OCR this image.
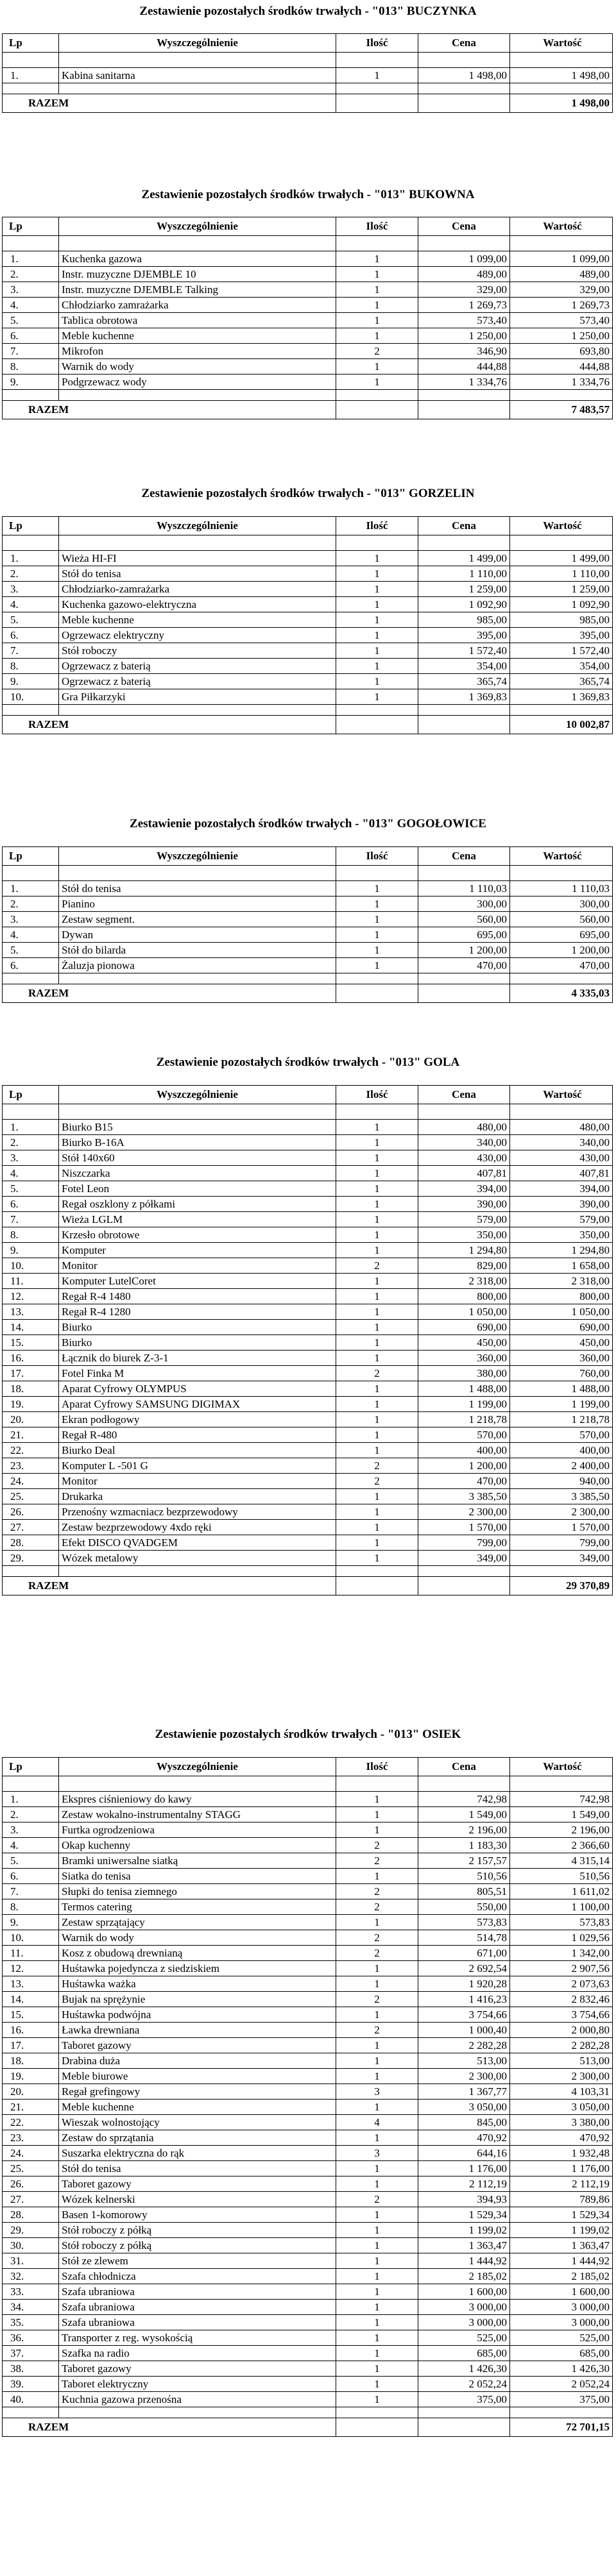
Zestawienie pozostałych środków trwałych - "013" BUCZYNKA
Lp	Wyszczególnienie	Ilość	Cena	Wartość

1.	Kabina sanitarna	1	1 498,00	1 498,00

RAZEM				1 498,00
Zestawienie pozostałych środków trwałych - "013" BUKOWNA
Lp	Wyszczególnienie	Ilość	Cena	Wartość

1.	Kuchenka gazowa	1	1 099,00	1 099,00
2.	Instr. muzyczne DJEMBLE 10	1	489,00	489,00
3.	Instr. muzyczne DJEMBLE Talking	1	329,00	329,00
4.	Chłodziarko zamrażarka	1	1 269,73	1 269,73
5.	Tablica obrotowa	1	573,40	573,40
6.	Meble kuchenne	1	1 250,00	1 250,00
7.	Mikrofon	2	346,90	693,80
8.	Warnik do wody	1	444,88	444,88
9.	Podgrzewacz wody	1	1 334,76	1 334,76

RAZEM				7 483,57
Zestawienie pozostałych środków trwałych - "013" GORZELIN
Lp	Wyszczególnienie	Ilość	Cena	Wartość

1.	Wieża HI-FI	1	1 499,00	1 499,00
2.	Stół do tenisa	1	1 110,00	1 110,00
3.	Chłodziarko-zamrażarka	1	1 259,00	1 259,00
4.	Kuchenka gazowo-elektryczna	1	1 092,90	1 092,90
5.	Meble kuchenne	1	985,00	985,00
6.	Ogrzewacz elektryczny	1	395,00	395,00
7.	Stół roboczy	1	1 572,40	1 572,40
8.	Ogrzewacz z baterią	1	354,00	354,00
9.	Ogrzewacz z baterią	1	365,74	365,74
10.	Gra Piłkarzyki	1	1 369,83	1 369,83

RAZEM				10 002,87
Zestawienie pozostałych środków trwałych - "013" GOGOŁOWICE
Lp	Wyszczególnienie	Ilość	Cena	Wartość

1.	Stół do tenisa	1	1 110,03	1 110,03
2.	Pianino	1	300,00	300,00
3.	Zestaw segment.	1	560,00	560,00
4.	Dywan	1	695,00	695,00
5.	Stół do bilarda	1	1 200,00	1 200,00
6.	Żaluzja pionowa	1	470,00	470,00

RAZEM				4 335,03
Zestawienie pozostałych środków trwałych - "013" GOLA
Lp	Wyszczególnienie	Ilość	Cena	Wartość

1.	Biurko B15	1	480,00	480,00
2.	Biurko B-16A	1	340,00	340,00
3.	Stół 140x60	1	430,00	430,00
4.	Niszczarka	1	407,81	407,81
5.	Fotel Leon	1	394,00	394,00
6.	Regał oszklony z półkami	1	390,00	390,00
7.	Wieża LGLM	1	579,00	579,00
8.	Krzesło obrotowe	1	350,00	350,00
9.	Komputer	1	1 294,80	1 294,80
10.	Monitor	2	829,00	1 658,00
11.	Komputer LutelCoret	1	2 318,00	2 318,00
12.	Regał R-4 1480	1	800,00	800,00
13.	Regał R-4 1280	1	1 050,00	1 050,00
14.	Biurko	1	690,00	690,00
15.	Biurko	1	450,00	450,00
16.	Łącznik do biurek Z-3-1	1	360,00	360,00
17.	Fotel Finka M	2	380,00	760,00
18.	Aparat Cyfrowy OLYMPUS	1	1 488,00	1 488,00
19.	Aparat Cyfrowy SAMSUNG DIGIMAX	1	1 199,00	1 199,00
20.	Ekran podłogowy	1	1 218,78	1 218,78
21.	Regał R-480	1	570,00	570,00
22.	Biurko Deal	1	400,00	400,00
23.	Komputer L -501 G	2	1 200,00	2 400,00
24.	Monitor	2	470,00	940,00
25.	Drukarka	1	3 385,50	3 385,50
26.	Przenośny wzmacniacz bezprzewodowy	1	2 300,00	2 300,00
27.	Zestaw bezprzewodowy 4xdo ręki	1	1 570,00	1 570,00
28.	Efekt DISCO QVADGEM	1	799,00	799,00
29.	Wózek metalowy	1	349,00	349,00

RAZEM				29 370,89
Zestawienie pozostałych środków trwałych - "013" OSIEK
Lp	Wyszczególnienie	Ilość	Cena	Wartość

1.	Ekspres ciśnieniowy do kawy	1	742,98	742,98
2.	Zestaw wokalno-instrumentalny STAGG	1	1 549,00	1 549,00
3.	Furtka ogrodzeniowa	1	2 196,00	2 196,00
4.	Okap kuchenny	2	1 183,30	2 366,60
5.	Bramki uniwersalne siatką	2	2 157,57	4 315,14
6.	Siatka do tenisa	1	510,56	510,56
7.	Słupki do tenisa ziemnego	2	805,51	1 611,02
8.	Termos catering	2	550,00	1 100,00
9.	Zestaw sprzątający	1	573,83	573,83
10.	Warnik do wody	2	514,78	1 029,56
11.	Kosz z obudową drewnianą	2	671,00	1 342,00
12.	Huśtawka pojedyncza z siedziskiem	1	2 692,54	2 907,56
13.	Huśtawka ważka	1	1 920,28	2 073,63
14.	Bujak na sprężynie	2	1 416,23	2 832,46
15.	Huśtawka podwójna	1	3 754,66	3 754,66
16.	Ławka drewniana	2	1 000,40	2 000,80
17.	Taboret gazowy	1	2 282,28	2 282,28
18.	Drabina duża	1	513,00	513,00
19.	Meble biurowe	1	2 300,00	2 300,00
20.	Regał grefingowy	3	1 367,77	4 103,31
21.	Meble kuchenne	1	3 050,00	3 050,00
22.	Wieszak wolnostojący	4	845,00	3 380,00
23.	Zestaw do sprzątania	1	470,92	470,92
24.	Suszarka elektryczna do rąk	3	644,16	1 932,48
25.	Stół do tenisa	1	1 176,00	1 176,00
26.	Taboret gazowy	1	2 112,19	2 112,19
27.	Wózek kelnerski	2	394,93	789,86
28.	Basen 1-komorowy	1	1 529,34	1 529,34
29.	Stół roboczy z półką	1	1 199,02	1 199,02
30.	Stół roboczy z półką	1	1 363,47	1 363,47
31.	Stół ze zlewem	1	1 444,92	1 444,92
32.	Szafa chłodnicza	1	2 185,02	2 185,02
33.	Szafa ubraniowa	1	1 600,00	1 600,00
34.	Szafa ubraniowa	1	3 000,00	3 000,00
35.	Szafa ubraniowa	1	3 000,00	3 000,00
36.	Transporter z reg. wysokością	1	525,00	525,00
37.	Szafka na radio	1	685,00	685,00
38.	Taboret gazowy	1	1 426,30	1 426,30
39.	Taboret elektryczny	1	2 052,24	2 052,24
40.	Kuchnia gazowa przenośna	1	375,00	375,00

RAZEM				72 701,15
